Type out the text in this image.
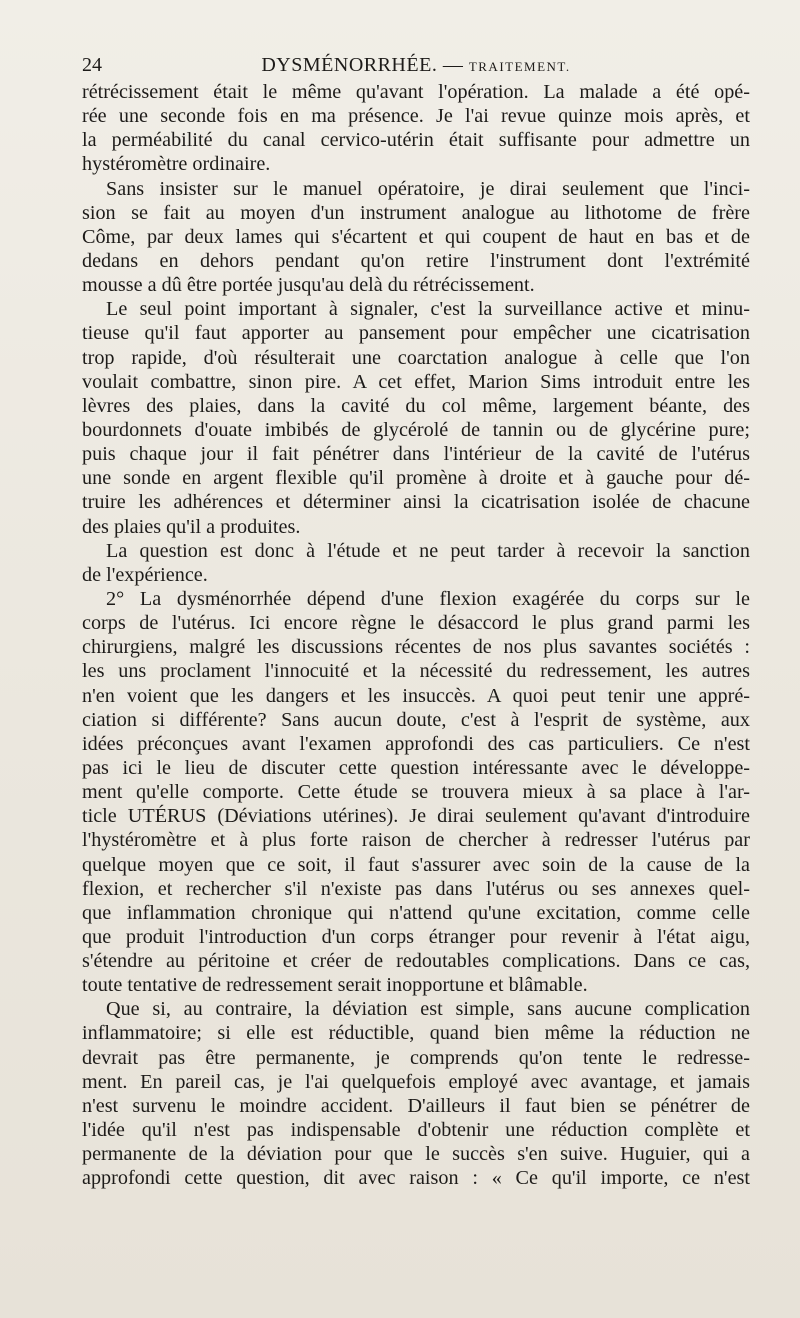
24	DYSMÉNORRHÉE. — TRAITEMENT.
rétrécissement était le même qu'avant l'opération. La malade a été opé-
rée une seconde fois en ma présence. Je l'ai revue quinze mois après, et
la perméabilité du canal cervico-utérin était suffisante pour admettre un
hystéromètre ordinaire.
Sans insister sur le manuel opératoire, je dirai seulement que l'inci-
sion se fait au moyen d'un instrument analogue au lithotome de frère
Côme, par deux lames qui s'écartent et qui coupent de haut en bas et de
dedans en dehors pendant qu'on retire l'instrument dont l'extrémité
mousse a dû être portée jusqu'au delà du rétrécissement.
Le seul point important à signaler, c'est la surveillance active et minu-
tieuse qu'il faut apporter au pansement pour empêcher une cicatrisation
trop rapide, d'où résulterait une coarctation analogue à celle que l'on
voulait combattre, sinon pire. A cet effet, Marion Sims introduit entre les
lèvres des plaies, dans la cavité du col même, largement béante, des
bourdonnets d'ouate imbibés de glycérolé de tannin ou de glycérine pure;
puis chaque jour il fait pénétrer dans l'intérieur de la cavité de l'utérus
une sonde en argent flexible qu'il promène à droite et à gauche pour dé-
truire les adhérences et déterminer ainsi la cicatrisation isolée de chacune
des plaies qu'il a produites.
La question est donc à l'étude et ne peut tarder à recevoir la sanction
de l'expérience.
2° La dysménorrhée dépend d'une flexion exagérée du corps sur le
corps de l'utérus. Ici encore règne le désaccord le plus grand parmi les
chirurgiens, malgré les discussions récentes de nos plus savantes sociétés :
les uns proclament l'innocuité et la nécessité du redressement, les autres
n'en voient que les dangers et les insuccès. A quoi peut tenir une appré-
ciation si différente? Sans aucun doute, c'est à l'esprit de système, aux
idées préconçues avant l'examen approfondi des cas particuliers. Ce n'est
pas ici le lieu de discuter cette question intéressante avec le développe-
ment qu'elle comporte. Cette étude se trouvera mieux à sa place à l'ar-
ticle UTÉRUS (Déviations utérines). Je dirai seulement qu'avant d'introduire
l'hystéromètre et à plus forte raison de chercher à redresser l'utérus par
quelque moyen que ce soit, il faut s'assurer avec soin de la cause de la
flexion, et rechercher s'il n'existe pas dans l'utérus ou ses annexes quel-
que inflammation chronique qui n'attend qu'une excitation, comme celle
que produit l'introduction d'un corps étranger pour revenir à l'état aigu,
s'étendre au péritoine et créer de redoutables complications. Dans ce cas,
toute tentative de redressement serait inopportune et blâmable.
Que si, au contraire, la déviation est simple, sans aucune complication
inflammatoire; si elle est réductible, quand bien même la réduction ne
devrait pas être permanente, je comprends qu'on tente le redresse-
ment. En pareil cas, je l'ai quelquefois employé avec avantage, et jamais
n'est survenu le moindre accident. D'ailleurs il faut bien se pénétrer de
l'idée qu'il n'est pas indispensable d'obtenir une réduction complète et
permanente de la déviation pour que le succès s'en suive. Huguier, qui a
approfondi cette question, dit avec raison : « Ce qu'il importe, ce n'est
